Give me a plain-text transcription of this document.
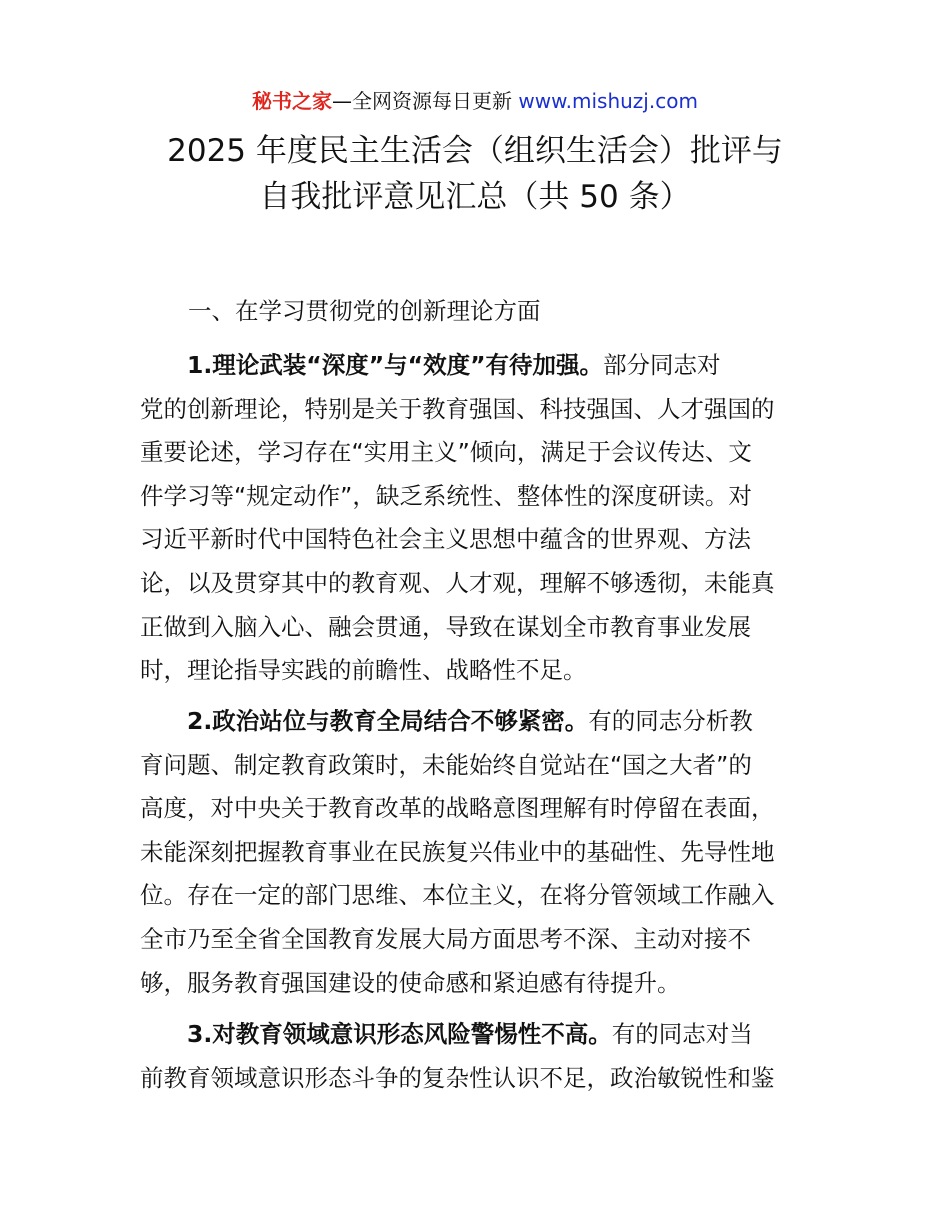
秘书之家—全网资源每日更新 www.mishuzj.com
2025 年度民主生活会（组织生活会）批评与
自我批评意见汇总（共 50 条）
一、在学习贯彻党的创新理论方面
1.理论武装“深度”与“效度”有待加强。部分同志对
党的创新理论，特别是关于教育强国、科技强国、人才强国的
重要论述，学习存在“实用主义”倾向，满足于会议传达、文
件学习等“规定动作”，缺乏系统性、整体性的深度研读。对
习近平新时代中国特色社会主义思想中蕴含的世界观、方法
论，以及贯穿其中的教育观、人才观，理解不够透彻，未能真
正做到入脑入心、融会贯通，导致在谋划全市教育事业发展
时，理论指导实践的前瞻性、战略性不足。
2.政治站位与教育全局结合不够紧密。有的同志分析教
育问题、制定教育政策时，未能始终自觉站在“国之大者”的
高度，对中央关于教育改革的战略意图理解有时停留在表面，
未能深刻把握教育事业在民族复兴伟业中的基础性、先导性地
位。存在一定的部门思维、本位主义，在将分管领域工作融入
全市乃至全省全国教育发展大局方面思考不深、主动对接不
够，服务教育强国建设的使命感和紧迫感有待提升。
3.对教育领域意识形态风险警惕性不高。有的同志对当
前教育领域意识形态斗争的复杂性认识不足，政治敏锐性和鉴
